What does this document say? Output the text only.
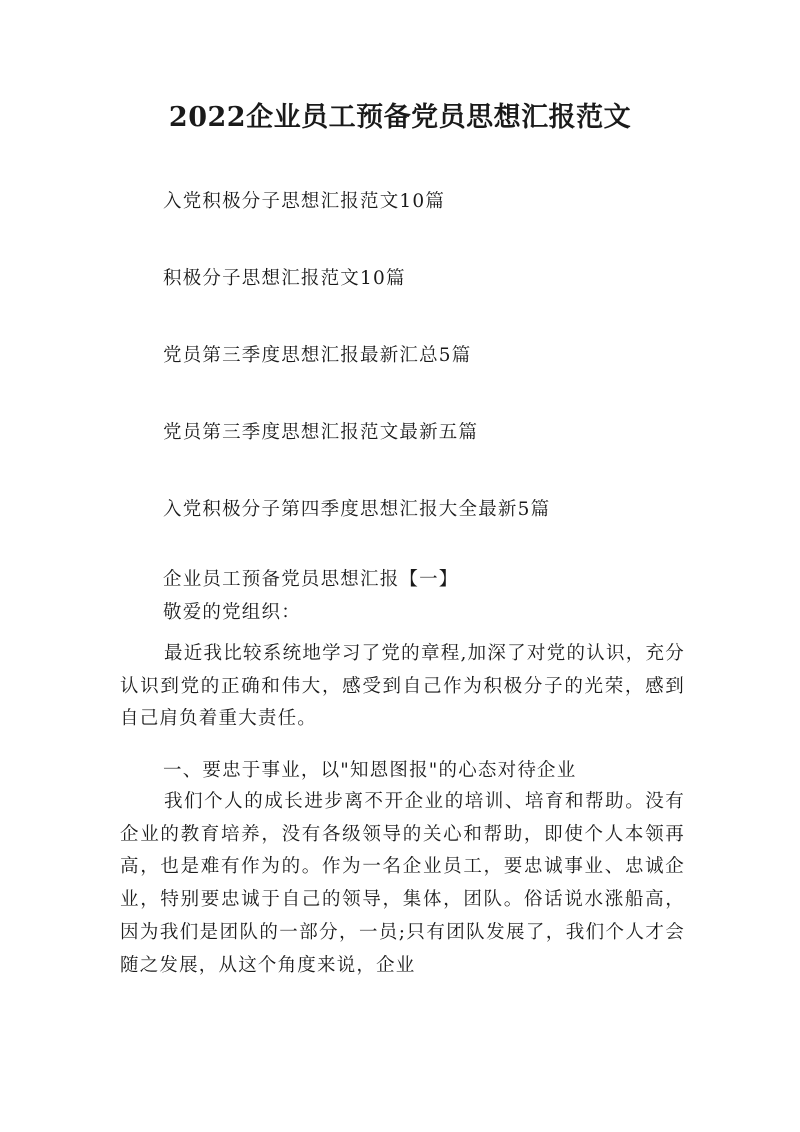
2022企业员工预备党员思想汇报范文
入党积极分子思想汇报范文10篇
积极分子思想汇报范文10篇
党员第三季度思想汇报最新汇总5篇
党员第三季度思想汇报范文最新五篇
入党积极分子第四季度思想汇报大全最新5篇

企业员工预备党员思想汇报【一】

敬爱的党组织：

最近我比较系统地学习了党的章程,加深了对党的认识，充分认识到党的正确和伟大，感受到自己作为积极分子的光荣，感到自己肩负着重大责任。

一、要忠于事业，以"知恩图报"的心态对待企业

我们个人的成长进步离不开企业的培训、培育和帮助。没有企业的教育培养，没有各级领导的关心和帮助，即使个人本领再高，也是难有作为的。作为一名企业员工，要忠诚事业、忠诚企业，特别要忠诚于自己的领导，集体，团队。俗话说水涨船高，因为我们是团队的一部分，一员;只有团队发展了，我们个人才会随之发展，从这个角度来说，企业
